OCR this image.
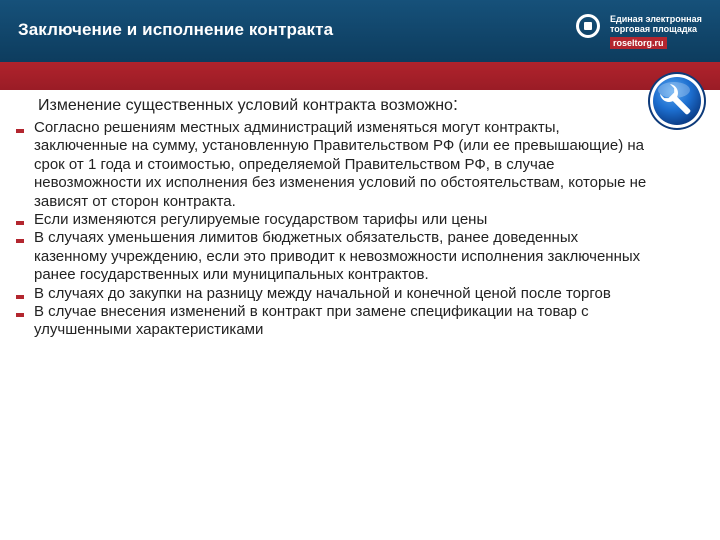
Заключение и исполнение контракта
Единая электронная
торговая площадка
roseltorg.ru
Изменение существенных условий контракта возможно:
Согласно решениям местных администраций изменяться могут контракты, заключенные на сумму, установленную Правительством РФ (или ее превышающие) на срок от 1 года и стоимостью, определяемой Правительством РФ, в случае невозможности их исполнения без изменения условий по обстоятельствам, которые не зависят от сторон контракта.
Если изменяются регулируемые государством тарифы или цены
В случаях уменьшения лимитов бюджетных обязательств, ранее доведенных казенному учреждению, если это приводит к невозможности исполнения заключенных ранее государственных или муниципальных контрактов.
В случаях до закупки на разницу между начальной и конечной ценой после торгов
В случае внесения изменений в контракт при замене спецификации на товар с улучшенными характеристиками
